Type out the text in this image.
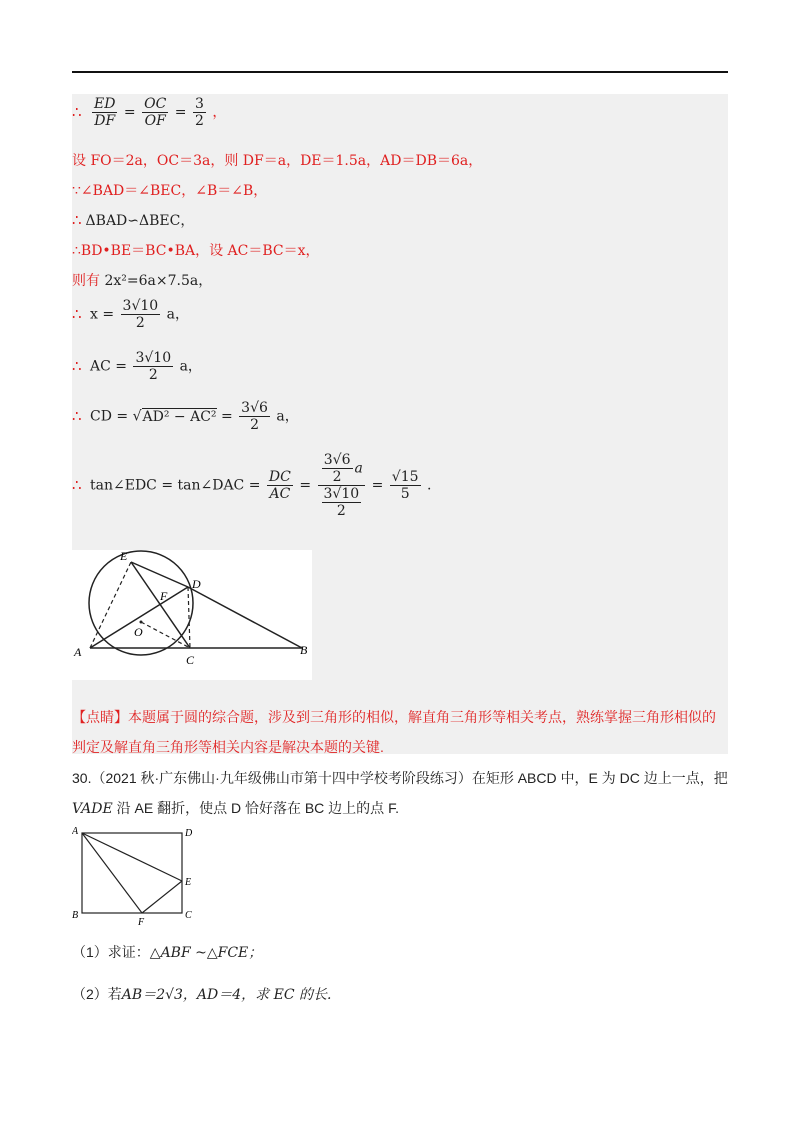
∴ $\frac{ED}{DF} = \frac{OC}{OF} = \frac{3}{2}$ ，
设 FO＝2a，OC＝3a，则 DF＝a，DE＝1.5a，AD＝DB＝6a，
∵∠BAD＝∠BEC，∠B＝∠B，
∴ ΔBAD∽ΔBEC，
∴BD•BE＝BC•BA，设 AC＝BC＝x，
则有 2x²=6a×7.5a，
∴ $x = \frac{3√10}{2}$ a，
∴ AC = $\frac{3√10}{2}$ a，
∴ CD = $√AD^2 - AC^2 = \frac{3√6}{2}$ a，
∴ tan∠EDC = tan∠DAC = $\frac{DC}{AC} = \frac{\frac{3√6}{2} a}{\frac{3√10}{2}} = \frac{√15}{5}$ .
E
D
F
O
A
C
B
【点睛】本题属于圆的综合题，涉及到三角形的相似，解直角三角形等相关考点，熟练掌握三角形相似的
判定及解直角三角形等相关内容是解决本题的关键.
30.（2021 秋·广东佛山·九年级佛山市第十四中学校考阶段练习）在矩形 ABCD 中，E 为 DC 边上一点，把
VADE 沿 AE 翻折，使点 D 恰好落在 BC 边上的点 F.
A	D
E
B
F
C
（1）求证：△ABF ~△FCE；
（2）若AB＝2√3，AD＝4，求 EC 的长.
